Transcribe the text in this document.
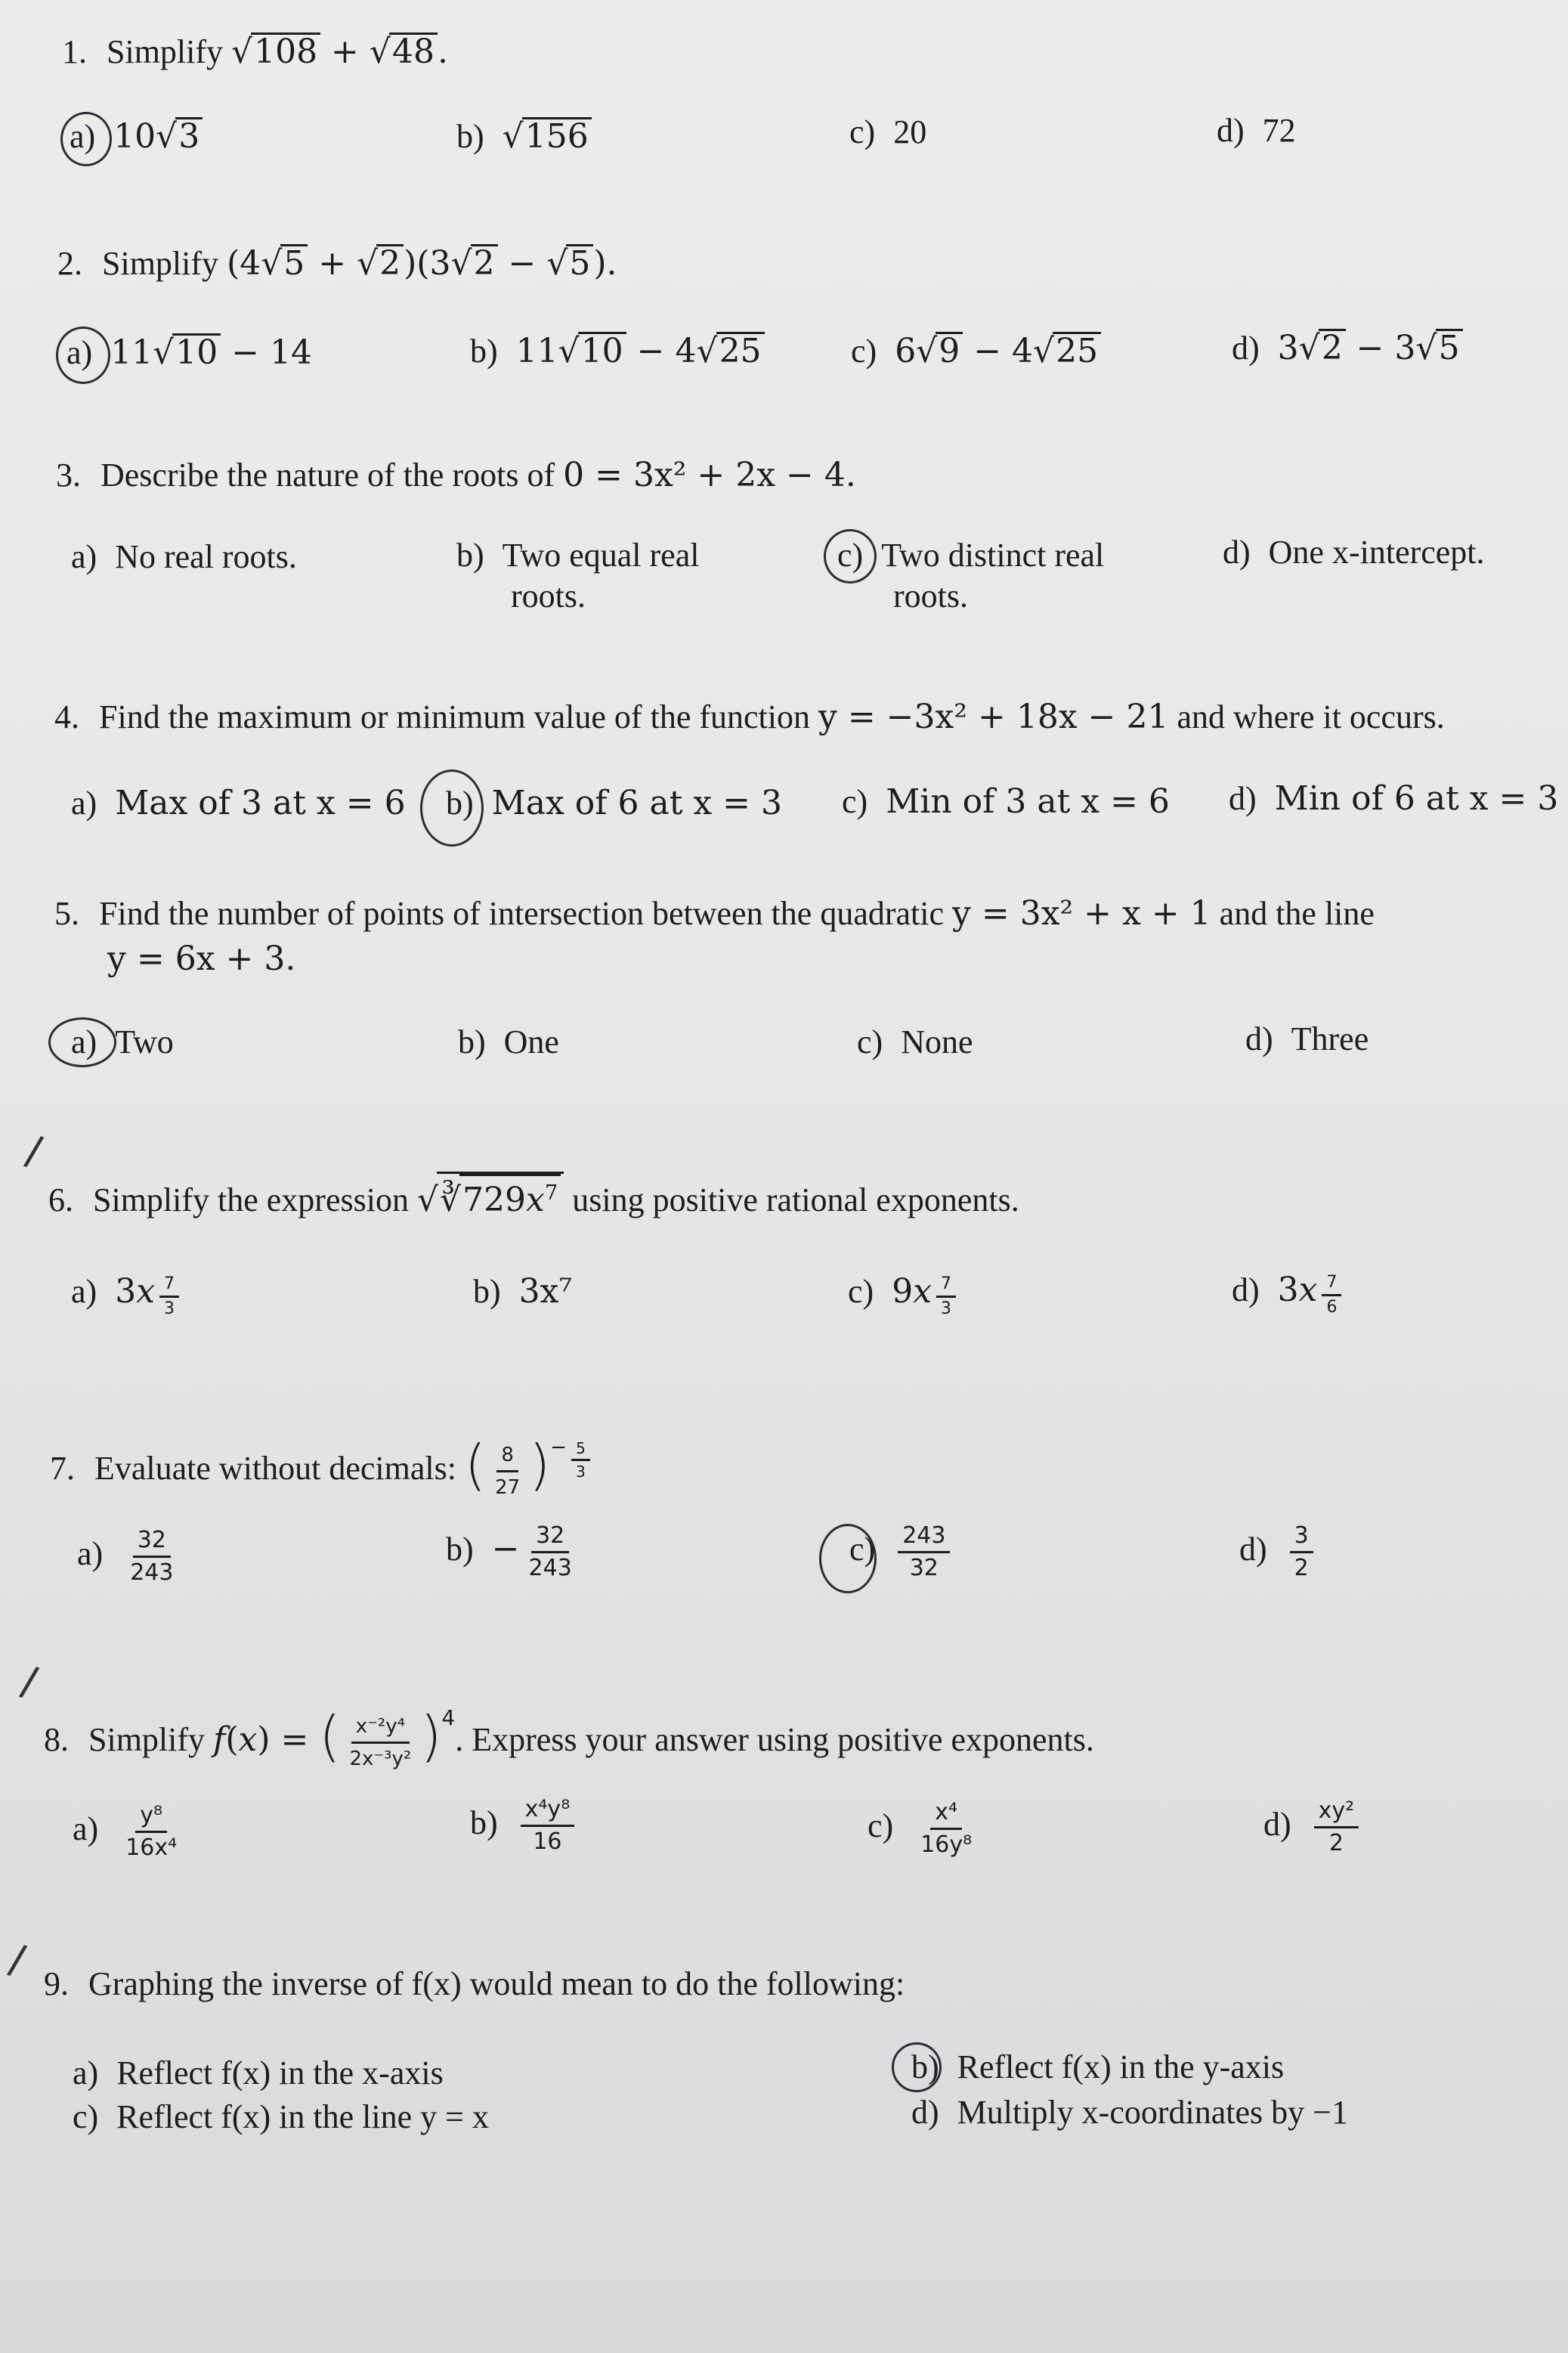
1. Simplify √108 + √48.
a) 10√3	b) √156	c) 20	d) 72
2. Simplify (4√5 + √2)(3√2 − √5).
a) 11√10 − 14	b) 11√10 − 4√25	c) 6√9 − 4√25	d) 3√2 − 3√5
3. Describe the nature of the roots of 0 = 3x² + 2x − 4.
a) No real roots.	b) Two equal real
roots.
c) Two distinct real
roots.
d) One x-intercept.
4. Find the maximum or minimum value of the function y = −3x² + 18x − 21 and where it occurs.
a) Max of 3 at x = 6 b) Max of 6 at x = 3 c) Min of 3 at x = 6 d) Min of 6 at x = 3
5. Find the number of points of intersection between the quadratic y = 3x² + x + 1 and the line
y = 6x + 3.
a) Two	b) One	c) None	d) Three
/
6. Simplify the expression $√∛729x^7$ using positive rational exponents.
a) $3x \frac{7}{3}$	b) 3x⁷	c) $9x \frac{7}{3}$	d) $3x \frac{7}{6}$
7. Evaluate without decimals: ( $\frac{8}{27}$ )− $\frac{5}{3}$
$a) \frac{32}{243}$	$b) - \frac{32}{243}$	$c) \frac{243}{32}$	$d) \frac{3}{2}$
/
8. Simplify f(x) = ( $\frac{\text{x⁻²y⁴}}{\text{2x⁻³y²}} )4$. Express your answer using positive exponents.
$a) \frac{\text{y⁸}}{\text{16x⁴}}$	$b) \frac{\text{x⁴y⁸}}{16}$	$c) \frac{\text{x⁴}}{\text{16y⁸}}$	$d) \frac{\text{xy²}}{2}$
/ 9. Graphing the inverse of f(x) would mean to do the following:
a) Reflect f(x) in the x-axis	b) Reflect f(x) in the y-axis
c) Reflect f(x) in the line y = x	d) Multiply x-coordinates by −1
